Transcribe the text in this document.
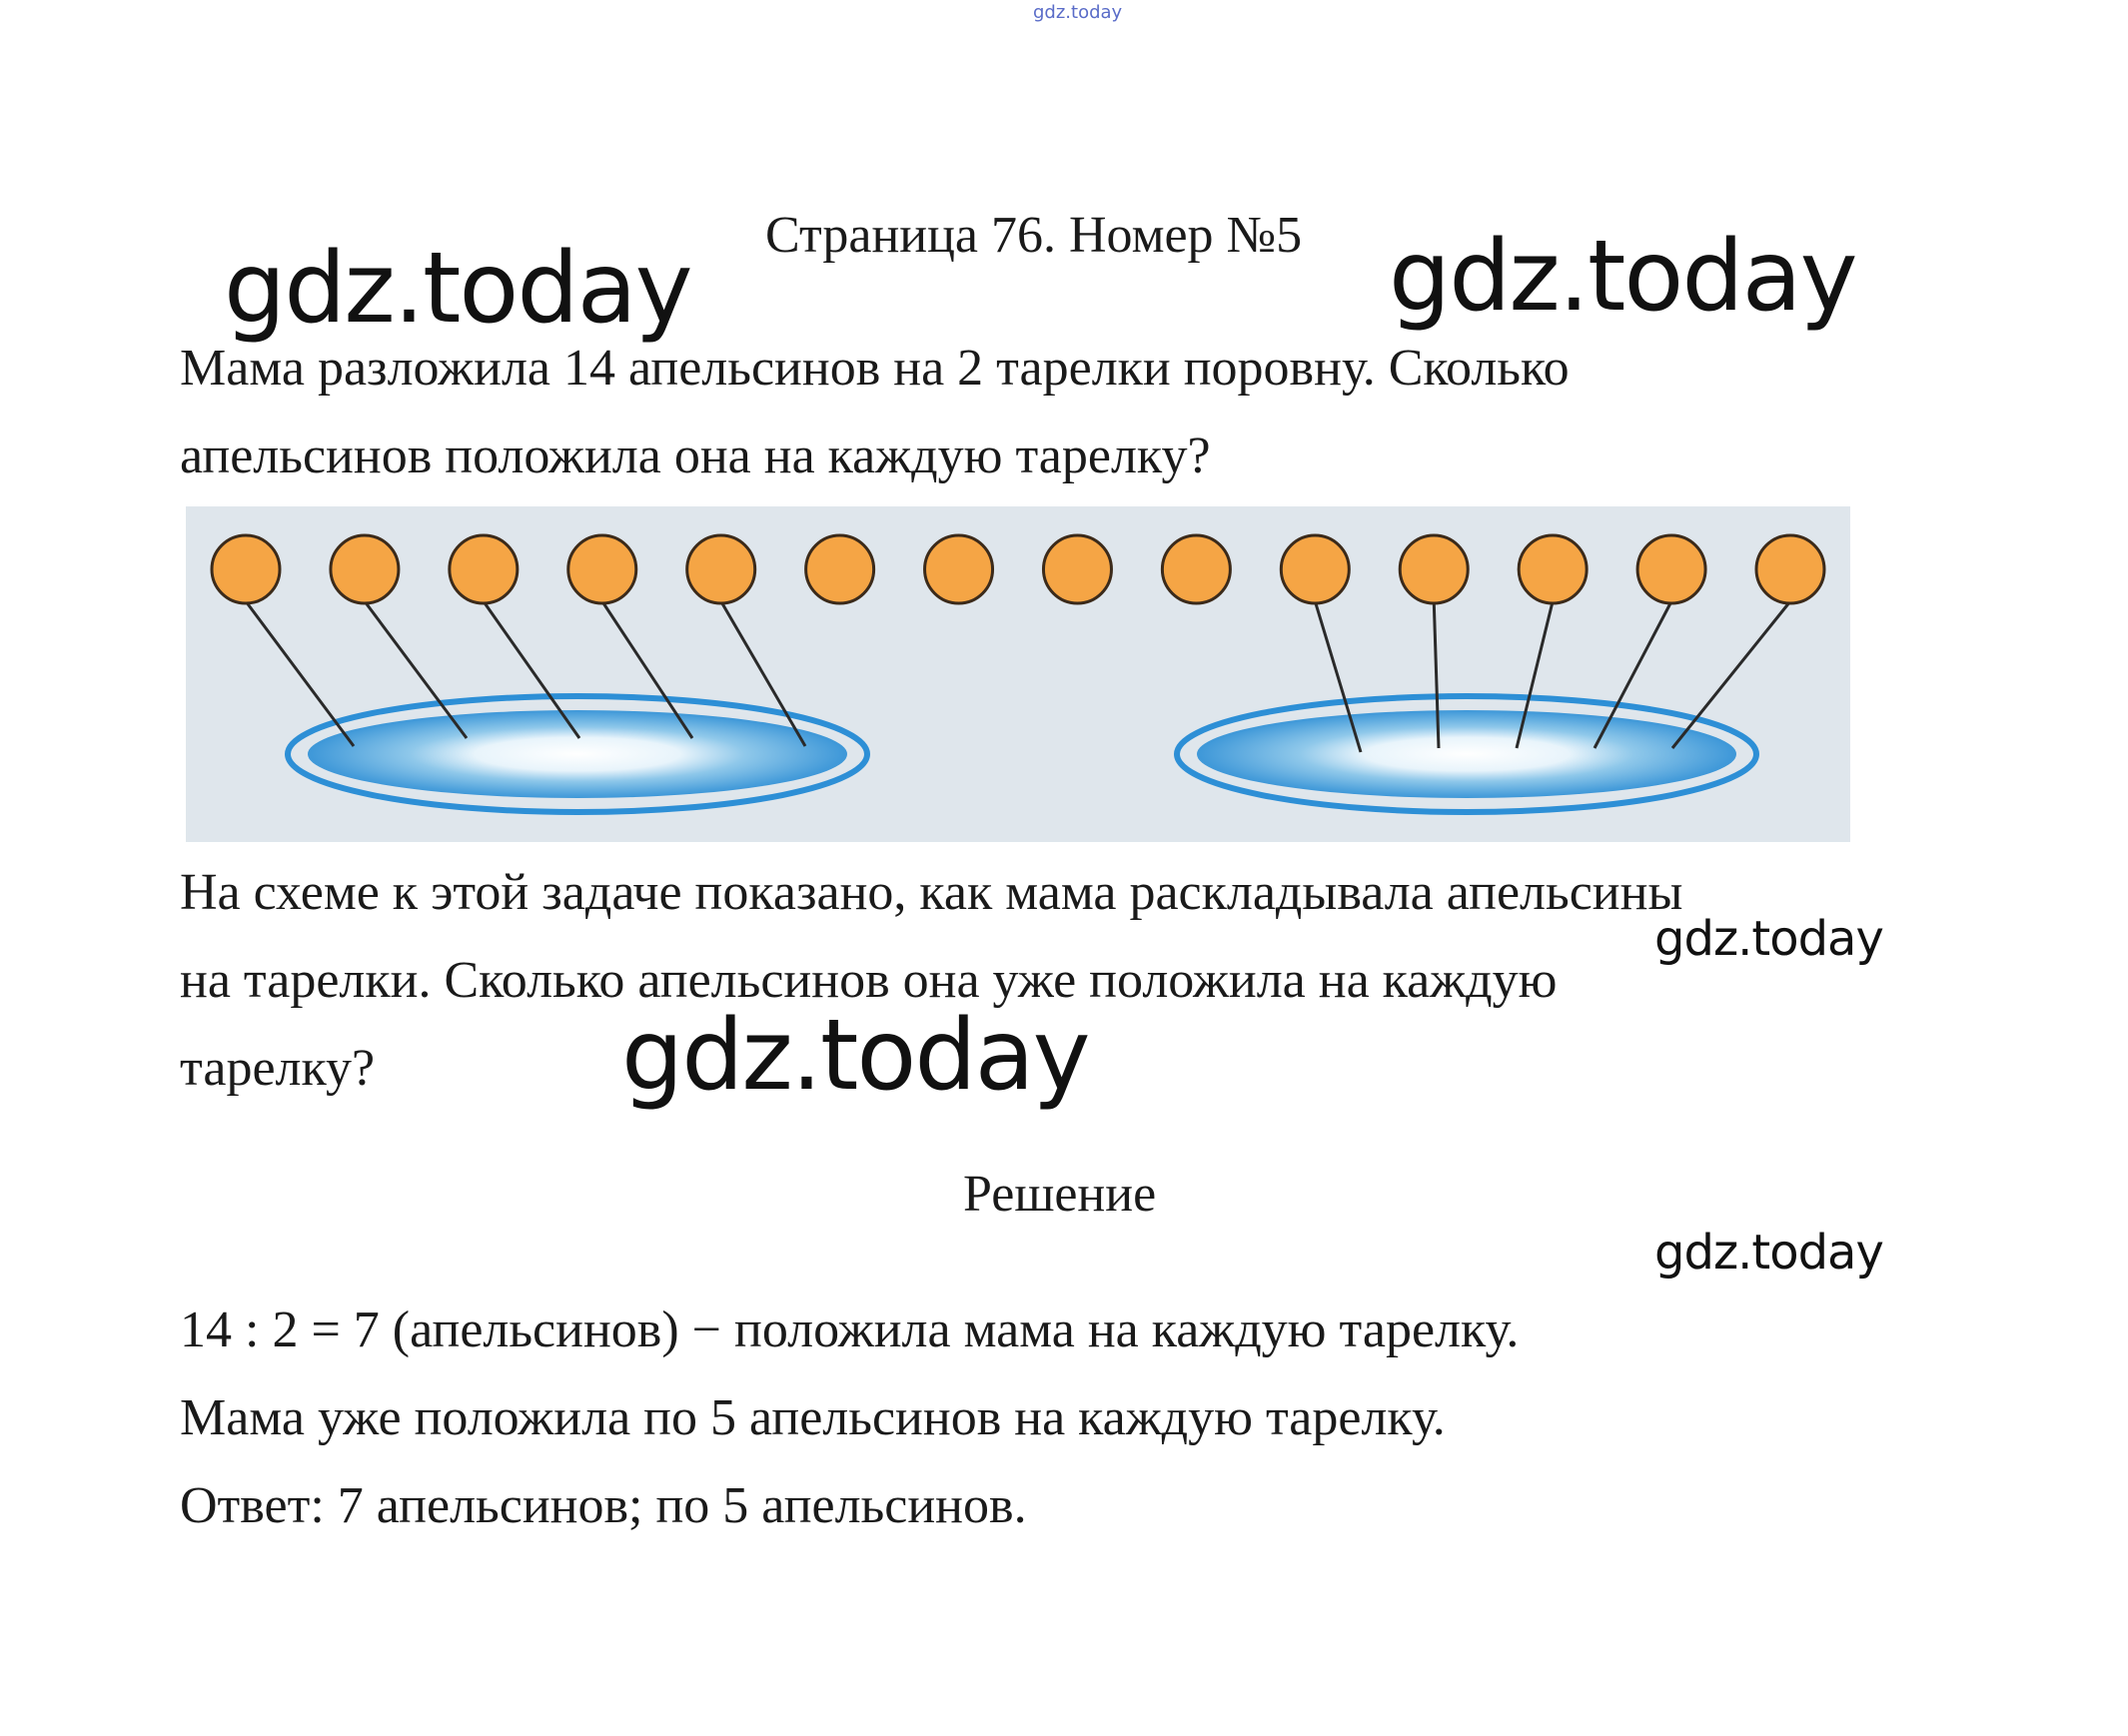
gdz.today
gdz.today	gdz.today
Страница 76. Номер №5
Мама разложила 14 апельсинов на 2 тарелки поровну. Сколько
апельсинов положила она на каждую тарелку?
На схеме к этой задаче показано, как мама раскладывала апельсины
на тарелки. Сколько апельсинов она уже положила на каждую
тарелку?
gdz.today
gdz.today
Решение
gdz.today
14 : 2 = 7 (апельсинов) − положила мама на каждую тарелку.
Мама уже положила по 5 апельсинов на каждую тарелку.
Ответ: 7 апельсинов; по 5 апельсинов.
